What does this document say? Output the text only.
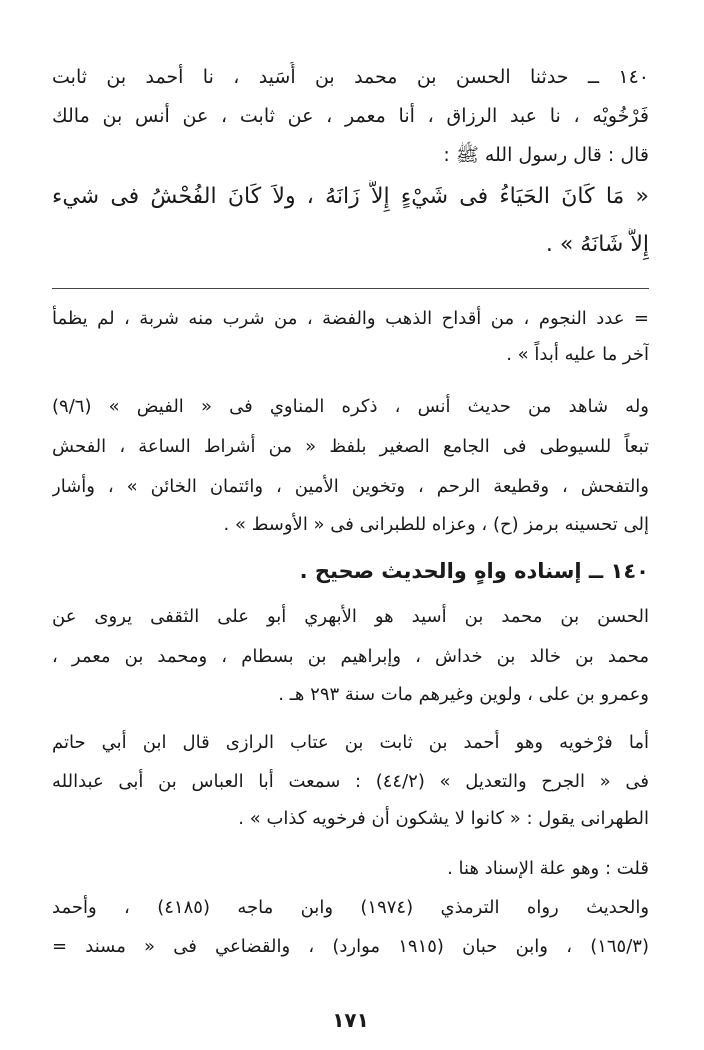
١٤٠ ــ حدثنا الحسن بن محمد بن أُسَيد ، نا أحمد بن ثابت
فَرْخُويْه ، نا عبد الرزاق ، أنا معمر ، عن ثابت ، عن أنس بن مالك
قال : قال رسول الله ﷺ :
« مَا كَانَ الحَيَاءُ فى شَيْءٍ إِلاَّ زَانَهُ ، ولاَ كَانَ الفُحْشُ فى شيء
إِلاَّ شَانَهُ » .
= عدد النجوم ، من أقداح الذهب والفضة ، من شرب منه شربة ، لم يظمأ
آخر ما عليه أبداً » .
وله شاهد من حديث أنس ، ذكره المناوي فى « الفيض » (٩/٦)
تبعاً للسيوطى فى الجامع الصغير بلفظ « من أشراط الساعة ، الفحش
والتفحش ، وقطيعة الرحم ، وتخوين الأمين ، وائتمان الخائن » ، وأشار
إلى تحسينه برمز (ح) ، وعزاه للطبرانى فى « الأوسط » .
١٤٠ ــ إسناده واهٍ والحديث صحيح .
الحسن بن محمد بن أسيد هو الأبهري أبو على الثقفى يروى عن
محمد بن خالد بن خداش ، وإبراهيم بن بسطام ، ومحمد بن معمر ،
وعمرو بن على ، ولوين وغيرهم مات سنة ٢٩٣ هـ .
أما فرْخويه وهو أحمد بن ثابت بن عتاب الرازى قال ابن أبي حاتم
فى « الجرح والتعديل » (٤٤/٢) : سمعت أبا العباس بن أبى عبدالله
الطهرانى يقول : « كانوا لا يشكون أن فرخويه كذاب » .
قلت : وهو علة الإسناد هنا .
والحديث رواه الترمذي (١٩٧٤) وابن ماجه (٤١٨٥) ، وأحمد
(١٦٥/٣) ، وابن حبان (١٩١٥ موارد) ، والقضاعي فى « مسند =
١٧١
